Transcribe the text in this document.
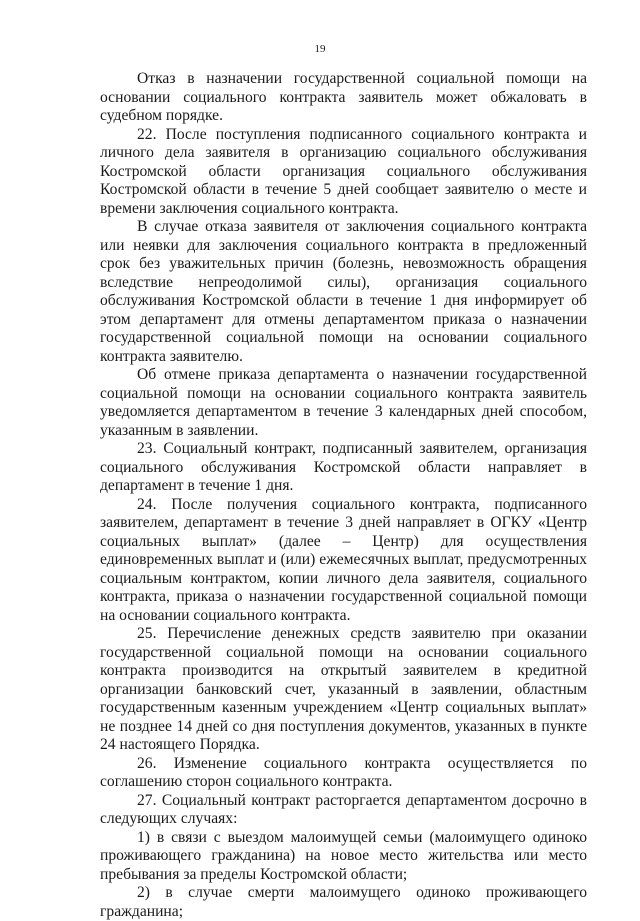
19

Отказ в назначении государственной социальной помощи на основании социального контракта заявитель может обжаловать в судебном порядке.

22. После поступления подписанного социального контракта и личного дела заявителя в организацию социального обслуживания Костромской области организация социального обслуживания Костромской области в течение 5 дней сообщает заявителю о месте и времени заключения социального контракта.

В случае отказа заявителя от заключения социального контракта или неявки для заключения социального контракта в предложенный срок без уважительных причин (болезнь, невозможность обращения вследствие непреодолимой силы), организация социального обслуживания Костромской области в течение 1 дня информирует об этом департамент для отмены департаментом приказа о назначении государственной социальной помощи на основании социального контракта заявителю.

Об отмене приказа департамента о назначении государственной социальной помощи на основании социального контракта заявитель уведомляется департаментом в течение 3 календарных дней способом, указанным в заявлении.

23. Социальный контракт, подписанный заявителем, организация социального обслуживания Костромской области направляет в департамент в течение 1 дня.

24. После получения социального контракта, подписанного заявителем, департамент в течение 3 дней направляет в ОГКУ «Центр социальных выплат» (далее – Центр) для осуществления единовременных выплат и (или) ежемесячных выплат, предусмотренных социальным контрактом, копии личного дела заявителя, социального контракта, приказа о назначении государственной социальной помощи на основании социального контракта.

25. Перечисление денежных средств заявителю при оказании государственной социальной помощи на основании социального контракта производится на открытый заявителем в кредитной организации банковский счет, указанный в заявлении, областным государственным казенным учреждением «Центр социальных выплат» не позднее 14 дней со дня поступления документов, указанных в пункте 24 настоящего Порядка.

26. Изменение социального контракта осуществляется по соглашению сторон социального контракта.

27. Социальный контракт расторгается департаментом досрочно в следующих случаях:

1) в связи с выездом малоимущей семьи (малоимущего одиноко проживающего гражданина) на новое место жительства или место пребывания за пределы Костромской области;

2) в случае смерти малоимущего одиноко проживающего гражданина;
